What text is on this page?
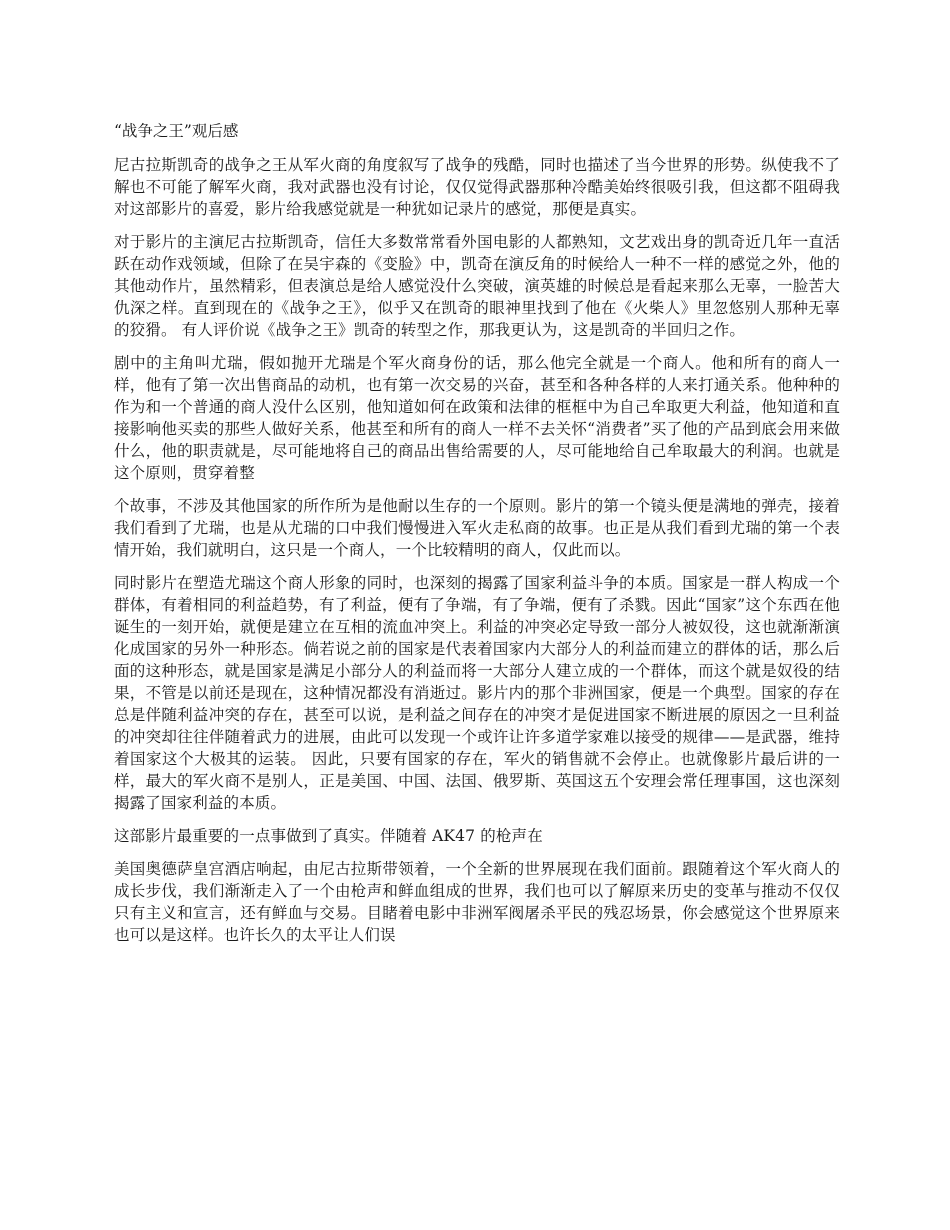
“战争之王”观后感

尼古拉斯凯奇的战争之王从军火商的角度叙写了战争的残酷，同时也描述了当今世界的形势。纵使我不了解也不可能了解军火商，我对武器也没有讨论，仅仅觉得武器那种冷酷美始终很吸引我，但这都不阻碍我对这部影片的喜爱，影片给我感觉就是一种犹如记录片的感觉，那便是真实。

对于影片的主演尼古拉斯凯奇，信任大多数常常看外国电影的人都熟知，文艺戏出身的凯奇近几年一直活跃在动作戏领域，但除了在吴宇森的《变脸》中，凯奇在演反角的时候给人一种不一样的感觉之外，他的其他动作片，虽然精彩，但表演总是给人感觉没什么突破，演英雄的时候总是看起来那么无辜，一脸苦大仇深之样。直到现在的《战争之王》，似乎又在凯奇的眼神里找到了他在《火柴人》里忽悠别人那种无辜的狡猾。 有人评价说《战争之王》凯奇的转型之作，那我更认为，这是凯奇的半回归之作。

剧中的主角叫尤瑞，假如抛开尤瑞是个军火商身份的话，那么他完全就是一个商人。他和所有的商人一样，他有了第一次出售商品的动机，也有第一次交易的兴奋，甚至和各种各样的人来打通关系。他种种的作为和一个普通的商人没什么区别，他知道如何在政策和法律的框框中为自己牟取更大利益，他知道和直接影响他买卖的那些人做好关系，他甚至和所有的商人一样不去关怀“消费者”买了他的产品到底会用来做什么，他的职责就是，尽可能地将自己的商品出售给需要的人，尽可能地给自己牟取最大的利润。也就是这个原则，贯穿着整

个故事，不涉及其他国家的所作所为是他耐以生存的一个原则。影片的第一个镜头便是满地的弹壳，接着我们看到了尤瑞，也是从尤瑞的口中我们慢慢进入军火走私商的故事。也正是从我们看到尤瑞的第一个表情开始，我们就明白，这只是一个商人，一个比较精明的商人，仅此而以。

同时影片在塑造尤瑞这个商人形象的同时，也深刻的揭露了国家利益斗争的本质。国家是一群人构成一个群体，有着相同的利益趋势，有了利益，便有了争端，有了争端，便有了杀戮。因此“国家”这个东西在他诞生的一刻开始，就便是建立在互相的流血冲突上。利益的冲突必定导致一部分人被奴役，这也就渐渐演化成国家的另外一种形态。倘若说之前的国家是代表着国家内大部分人的利益而建立的群体的话，那么后面的这种形态，就是国家是满足小部分人的利益而将一大部分人建立成的一个群体，而这个就是奴役的结果，不管是以前还是现在，这种情况都没有消逝过。影片内的那个非洲国家，便是一个典型。国家的存在总是伴随利益冲突的存在，甚至可以说，是利益之间存在的冲突才是促进国家不断进展的原因之一旦利益的冲突却往往伴随着武力的进展，由此可以发现一个或许让许多道学家难以接受的规律——是武器，维持着国家这个大极其的运装。 因此，只要有国家的存在，军火的销售就不会停止。也就像影片最后讲的一样，最大的军火商不是别人，正是美国、中国、法国、俄罗斯、英国这五个安理会常任理事国，这也深刻揭露了国家利益的本质。

这部影片最重要的一点事做到了真实。伴随着 AK47 的枪声在

美国奥德萨皇宫酒店响起，由尼古拉斯带领着，一个全新的世界展现在我们面前。跟随着这个军火商人的成长步伐，我们渐渐走入了一个由枪声和鲜血组成的世界，我们也可以了解原来历史的变革与推动不仅仅只有主义和宣言，还有鲜血与交易。目睹着电影中非洲军阀屠杀平民的残忍场景，你会感觉这个世界原来也可以是这样。也许长久的太平让人们误
